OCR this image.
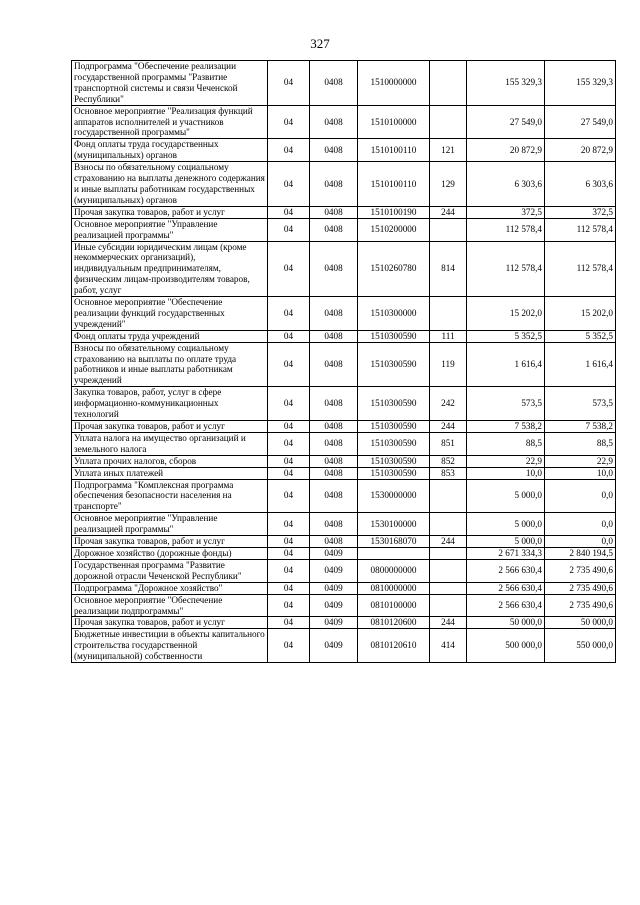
327
Подпрограмма "Обеспечение реализации государственной программы "Развитие транспортной системы и связи Чеченской Республики"	04	0408	1510000000		155 329,3	155 329,3
Основное мероприятие "Реализация функций аппаратов исполнителей и участников государственной программы"	04	0408	1510100000		27 549,0	27 549,0
Фонд оплаты труда государственных (муниципальных) органов	04	0408	1510100110	121	20 872,9	20 872,9
Взносы по обязательному социальному страхованию на выплаты денежного содержания и иные выплаты работникам государственных (муниципальных) органов	04	0408	1510100110	129	6 303,6	6 303,6
Прочая закупка товаров, работ и услуг	04	0408	1510100190	244	372,5	372,5
Основное мероприятие "Управление реализацией программы"	04	0408	1510200000		112 578,4	112 578,4
Иные субсидии юридическим лицам (кроме некоммерческих организаций), индивидуальным предпринимателям, физическим лицам-производителям товаров, работ, услуг	04	0408	1510260780	814	112 578,4	112 578,4
Основное мероприятие "Обеспечение реализации функций государственных учреждений"	04	0408	1510300000		15 202,0	15 202,0
Фонд оплаты труда учреждений	04	0408	1510300590	111	5 352,5	5 352,5
Взносы по обязательному социальному страхованию на выплаты по оплате труда работников и иные выплаты работникам учреждений	04	0408	1510300590	119	1 616,4	1 616,4
Закупка товаров, работ, услуг в сфере информационно-коммуникационных технологий	04	0408	1510300590	242	573,5	573,5
Прочая закупка товаров, работ и услуг	04	0408	1510300590	244	7 538,2	7 538,2
Уплата налога на имущество организаций и земельного налога	04	0408	1510300590	851	88,5	88,5
Уплата прочих налогов, сборов	04	0408	1510300590	852	22,9	22,9
Уплата иных платежей	04	0408	1510300590	853	10,0	10,0
Подпрограмма "Комплексная программа обеспечения безопасности населения на транспорте"	04	0408	1530000000		5 000,0	0,0
Основное мероприятие "Управление реализацией программы"	04	0408	1530100000		5 000,0	0,0
Прочая закупка товаров, работ и услуг	04	0408	1530168070	244	5 000,0	0,0
Дорожное хозяйство (дорожные фонды)	04	0409			2 671 334,3	2 840 194,5
Государственная программа "Развитие дорожной отрасли Чеченской Республики"	04	0409	0800000000		2 566 630,4	2 735 490,6
Подпрограмма "Дорожное хозяйство"	04	0409	0810000000		2 566 630,4	2 735 490,6
Основное мероприятие "Обеспечение реализации подпрограммы"	04	0409	0810100000		2 566 630,4	2 735 490,6
Прочая закупка товаров, работ и услуг	04	0409	0810120600	244	50 000,0	50 000,0
Бюджетные инвестиции в объекты капитального строительства государственной (муниципальной) собственности	04	0409	0810120610	414	500 000,0	550 000,0
